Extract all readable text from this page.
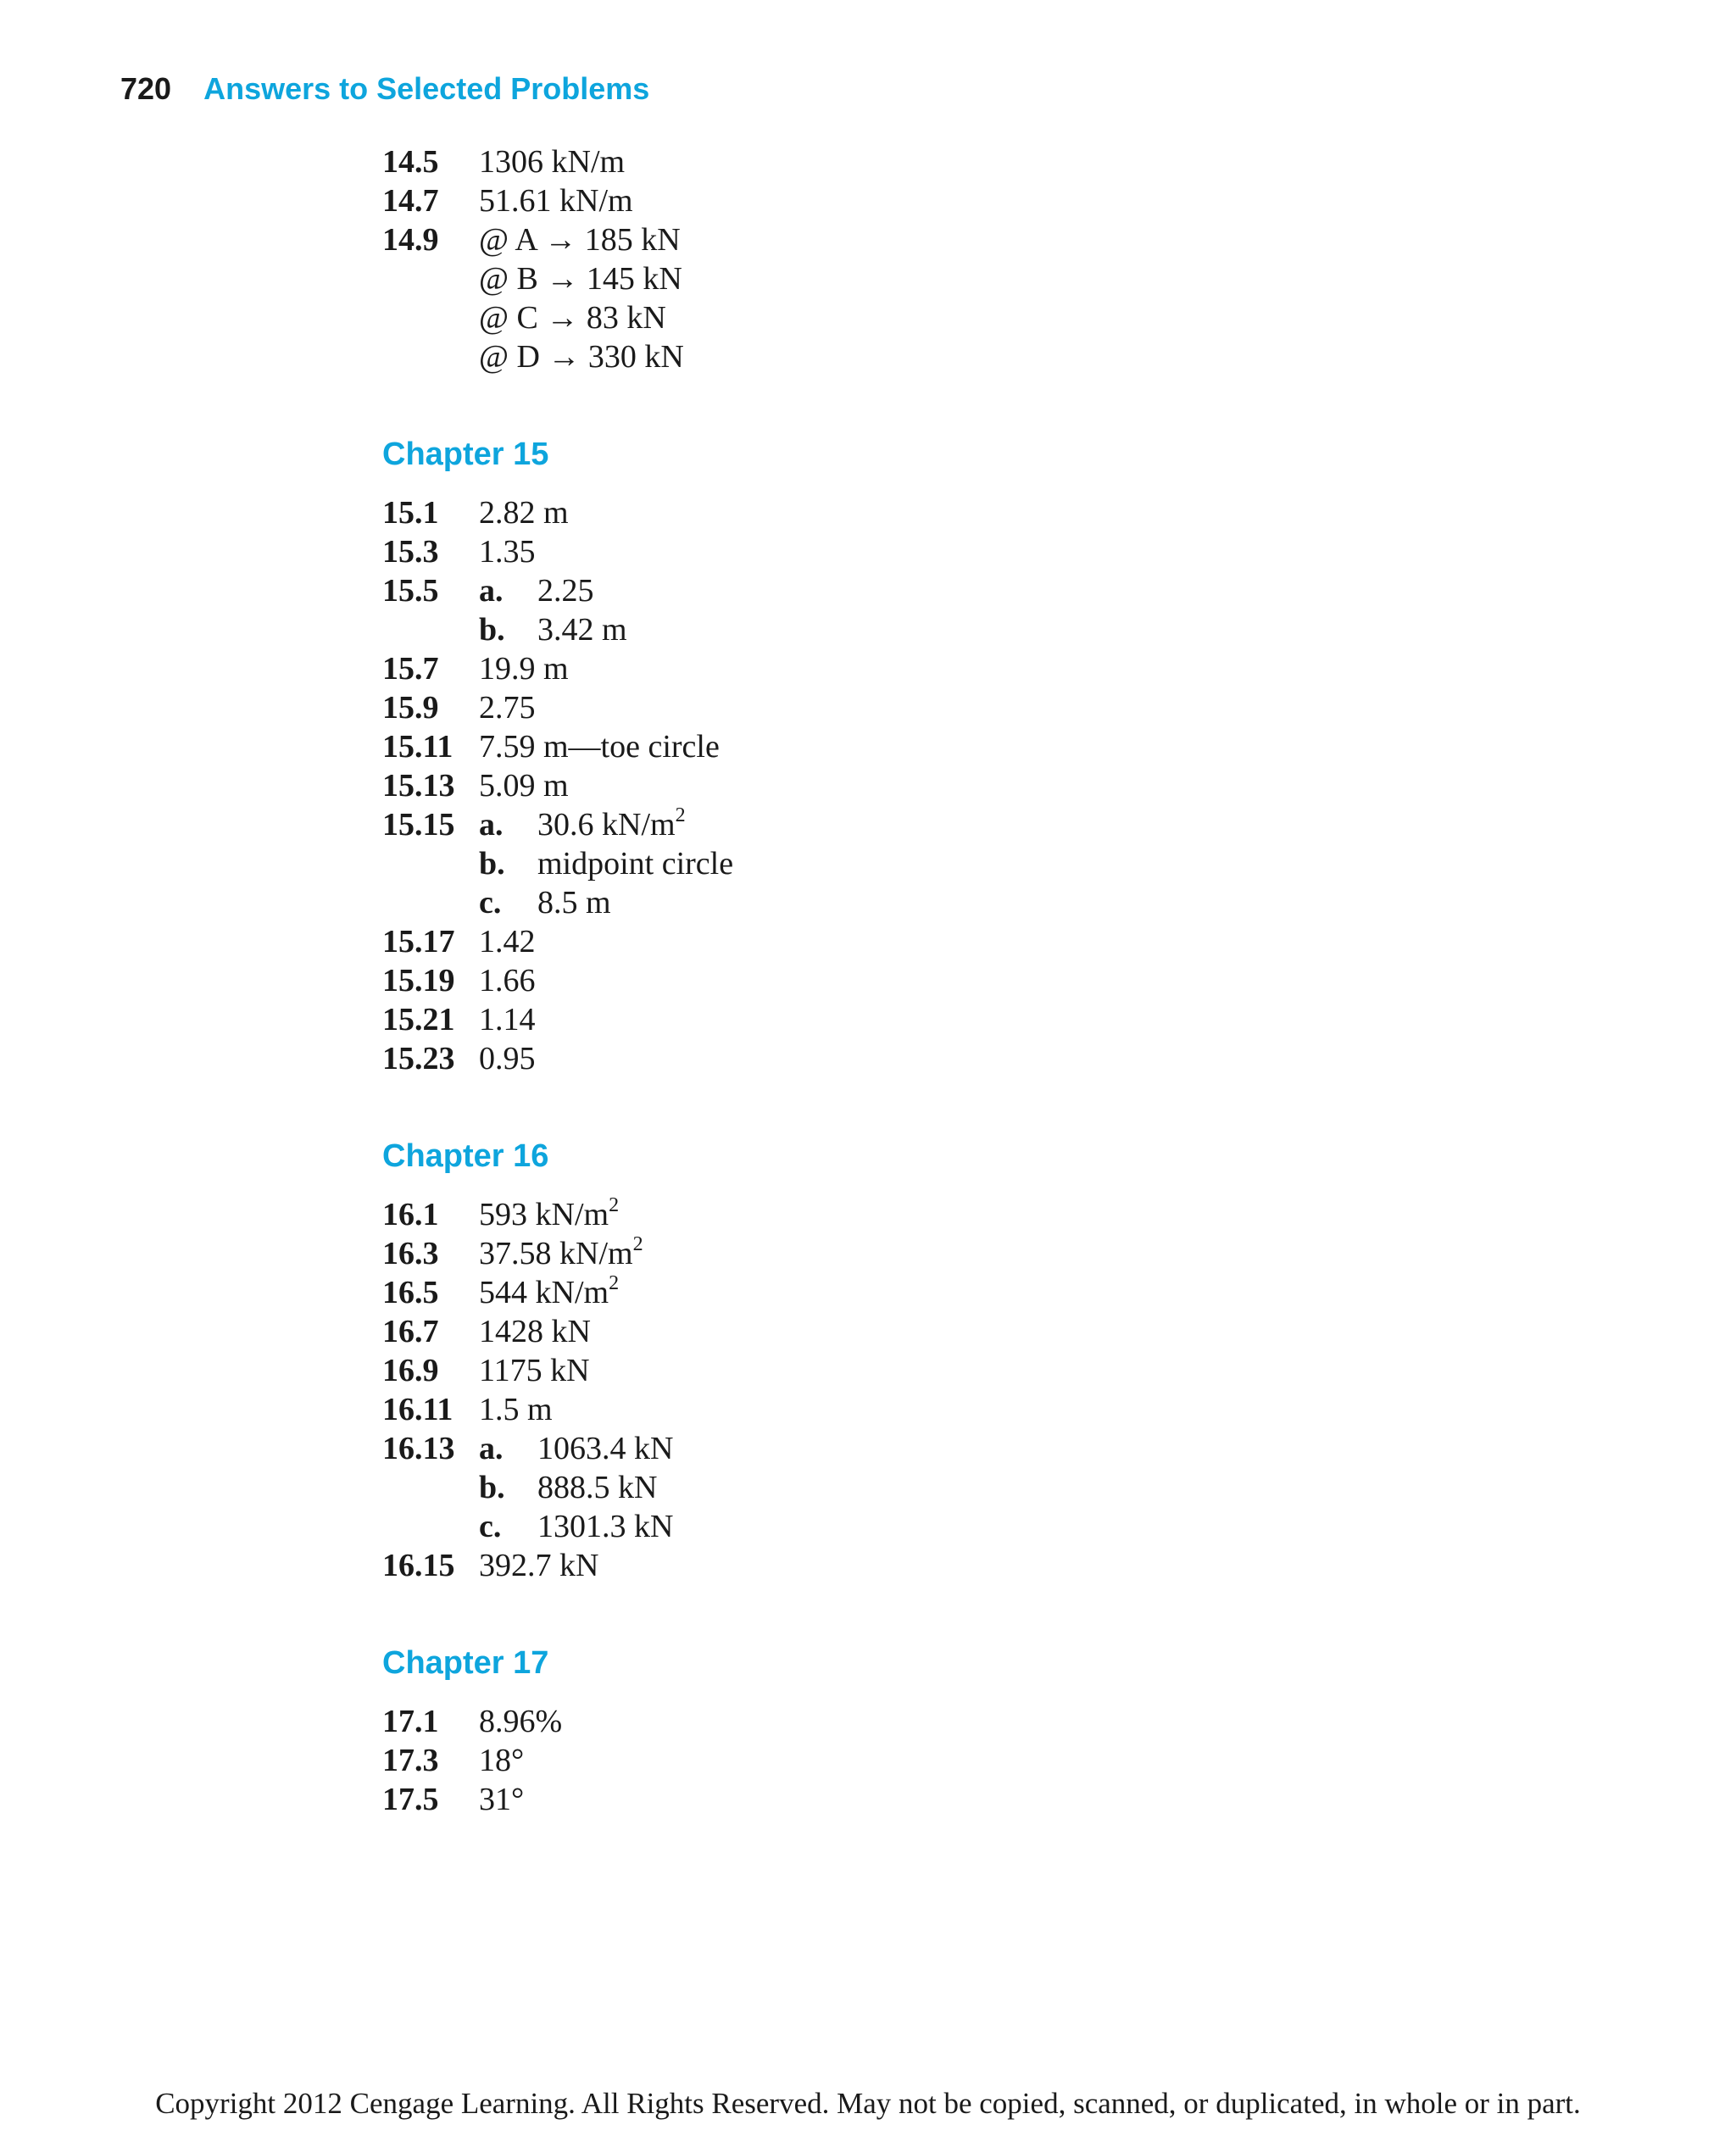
720 Answers to Selected Problems
14.5	1306 kN/m
14.7	51.61 kN/m
14.9	@ A → 185 kN
@ B → 145 kN
@ C → 83 kN
@ D → 330 kN
Chapter 15
15.1	2.82 m
15.3	1.35
15.5	a.	2.25
b.	3.42 m
15.7	19.9 m
15.9	2.75
15.11 7.59 m—toe circle
15.13 5.09 m
15.15 a.	30.6 $kN/m^2$
b.	midpoint circle
c.	8.5 m
15.17 1.42
15.19 1.66
15.21 1.14
15.23 0.95
Chapter 16
16.1	593 $kN/m^2$
16.3	37.58 $kN/m^2$
16.5	544 $kN/m^2$
16.7	1428 kN
16.9	1175 kN
16.11 1.5 m
16.13 a.	1063.4 kN
b.	888.5 kN
c.	1301.3 kN
16.15 392.7 kN
Chapter 17
17.1	8.96%
17.3	18°
17.5	31°
Copyright 2012 Cengage Learning. All Rights Reserved. May not be copied, scanned, or duplicated, in whole or in part.
